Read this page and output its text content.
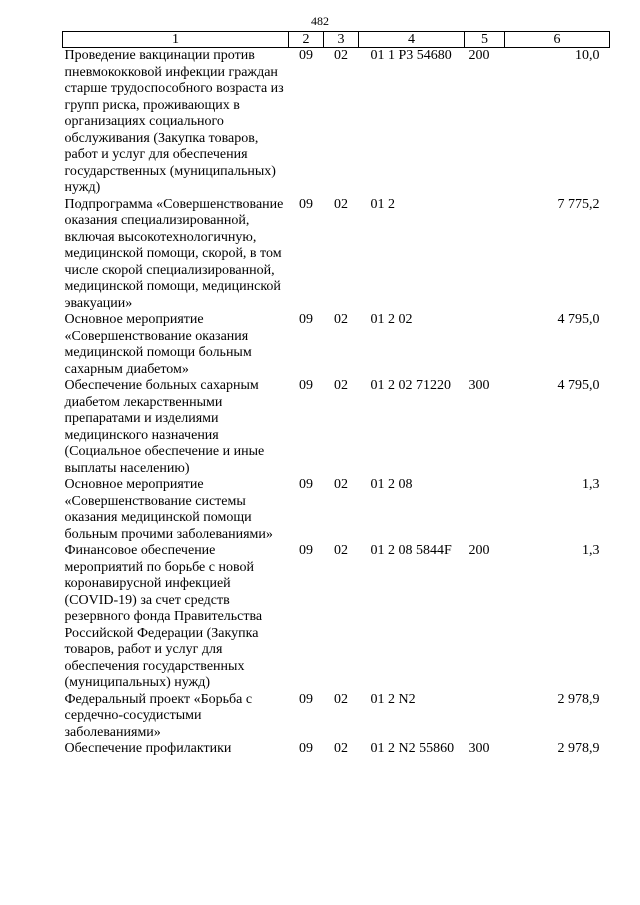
482
1	2	3	4	5	6
Проведение вакцинации против пневмококковой инфекции граждан старше трудоспособного возраста из групп риска, проживающих в организациях социального обслуживания (Закупка товаров, работ и услуг для обеспечения государственных (муниципальных) нужд)	09	02	01 1 P3 54680	200	10,0
Подпрограмма «Совершенствование оказания специализированной, включая высокотехнологичную, медицинской помощи, скорой, в том числе скорой специализированной, медицинской помощи, медицинской эвакуации»	09	02	01 2		7 775,2
Основное мероприятие «Совершенствование оказания медицинской помощи больным сахарным диабетом»	09	02	01 2 02		4 795,0
Обеспечение больных сахарным диабетом лекарственными препаратами и изделиями медицинского назначения (Социальное обеспечение и иные выплаты населению)	09	02	01 2 02 71220	300	4 795,0
Основное мероприятие «Совершенствование системы оказания медицинской помощи больным прочими заболеваниями»	09	02	01 2 08		1,3
Финансовое обеспечение мероприятий по борьбе с новой коронавирусной инфекцией (COVID-19) за счет средств резервного фонда Правительства Российской Федерации (Закупка товаров, работ и услуг для обеспечения государственных (муниципальных) нужд)	09	02	01 2 08 5844F	200	1,3
Федеральный проект «Борьба с сердечно-сосудистыми заболеваниями»	09	02	01 2 N2		2 978,9
Обеспечение профилактики	09	02	01 2 N2 55860	300	2 978,9
